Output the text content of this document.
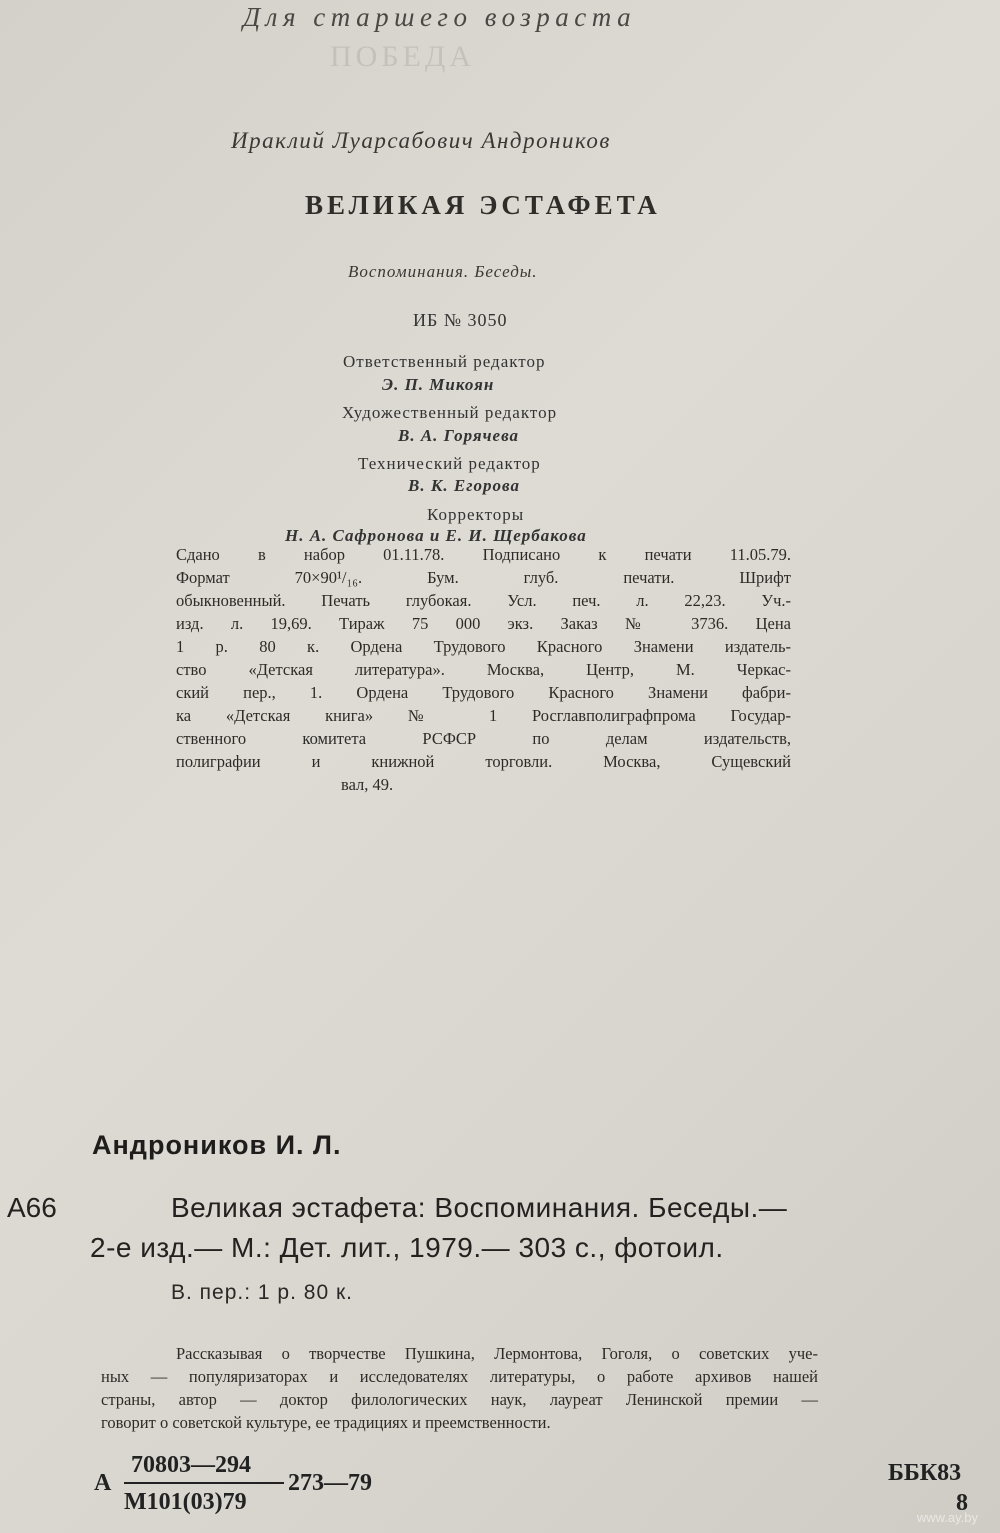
ПОБЕДА
Для старшего возраста
Ираклий Луарсабович Андроников
ВЕЛИКАЯ ЭСТАФЕТА
Воспоминания. Беседы.
ИБ № 3050
Ответственный редактор
Э. П. Микоян
Художественный редактор
В. А. Горячева
Технический редактор
В. К. Егорова
Корректоры
Н. А. Сафронова и Е. И. Щербакова
Сдано в набор 01.11.78. Подписано к печати 11.05.79.
Формат 70×90¹/₁₆. Бум. глуб. печати. Шрифт
обыкновенный. Печать глубокая. Усл. печ. л. 22,23. Уч.-
изд. л. 19,69. Тираж 75 000 экз. Заказ № 3736. Цена
1 р. 80 к. Ордена Трудового Красного Знамени издатель-
ство «Детская литература». Москва, Центр, М. Черкас-
ский пер., 1. Ордена Трудового Красного Знамени фабри-
ка «Детская книга» № 1 Росглавполиграфпрома Государ-
ственного комитета РСФСР по делам издательств,
полиграфии и книжной торговли. Москва, Сущевский
вал, 49.
Андроников И. Л.
А66	Великая эстафета: Воспоминания. Беседы.—
2-е изд.— М.: Дет. лит., 1979.— 303 с., фотоил.
В. пер.: 1 р. 80 к.
Рассказывая о творчестве Пушкина, Лермонтова, Гоголя, о советских уче-
ных — популяризаторах и исследователях литературы, о работе архивов нашей
страны, автор — доктор филологических наук, лауреат Ленинской премии —
говорит о советской культуре, ее традициях и преемственности.
А
70803—294
М101(03)79
273—79	ББК83
8
www.ay.by
